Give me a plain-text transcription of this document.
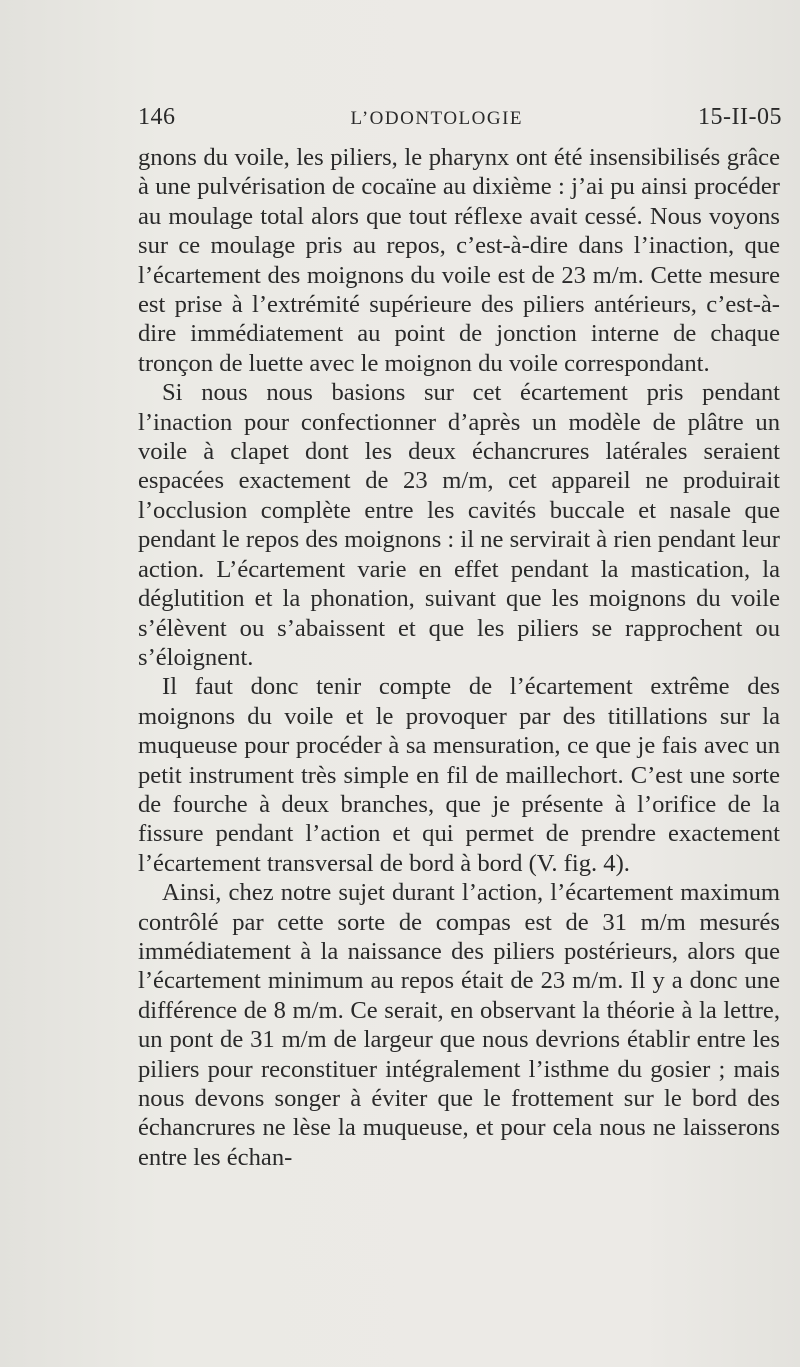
146	L’ODONTOLOGIE	15-II-05

gnons du voile, les piliers, le pharynx ont été insensibilisés grâce à une pulvérisation de cocaïne au dixième : j’ai pu ainsi procéder au moulage total alors que tout réflexe avait cessé. Nous voyons sur ce moulage pris au repos, c’est-à-dire dans l’inaction, que l’écartement des moignons du voile est de 23 m/m. Cette mesure est prise à l’extrémité supérieure des piliers antérieurs, c’est-à-dire immédiatement au point de jonction interne de chaque tronçon de luette avec le moignon du voile correspondant.

Si nous nous basions sur cet écartement pris pendant l’inaction pour confectionner d’après un modèle de plâtre un voile à clapet dont les deux échancrures latérales seraient espacées exactement de 23 m/m, cet appareil ne produirait l’occlusion complète entre les cavités buccale et nasale que pendant le repos des moignons : il ne servirait à rien pendant leur action. L’écartement varie en effet pendant la mastication, la déglutition et la phonation, suivant que les moignons du voile s’élèvent ou s’abaissent et que les piliers se rapprochent ou s’éloignent.

Il faut donc tenir compte de l’écartement extrême des moignons du voile et le provoquer par des titillations sur la muqueuse pour procéder à sa mensuration, ce que je fais avec un petit instrument très simple en fil de maillechort. C’est une sorte de fourche à deux branches, que je présente à l’orifice de la fissure pendant l’action et qui permet de prendre exactement l’écartement transversal de bord à bord (V. fig. 4).

Ainsi, chez notre sujet durant l’action, l’écartement maximum contrôlé par cette sorte de compas est de 31 m/m mesurés immédiatement à la naissance des piliers postérieurs, alors que l’écartement minimum au repos était de 23 m/m. Il y a donc une différence de 8 m/m. Ce serait, en observant la théorie à la lettre, un pont de 31 m/m de largeur que nous devrions établir entre les piliers pour reconstituer intégralement l’isthme du gosier ; mais nous devons songer à éviter que le frottement sur le bord des échancrures ne lèse la muqueuse, et pour cela nous ne laisserons entre les échan-
